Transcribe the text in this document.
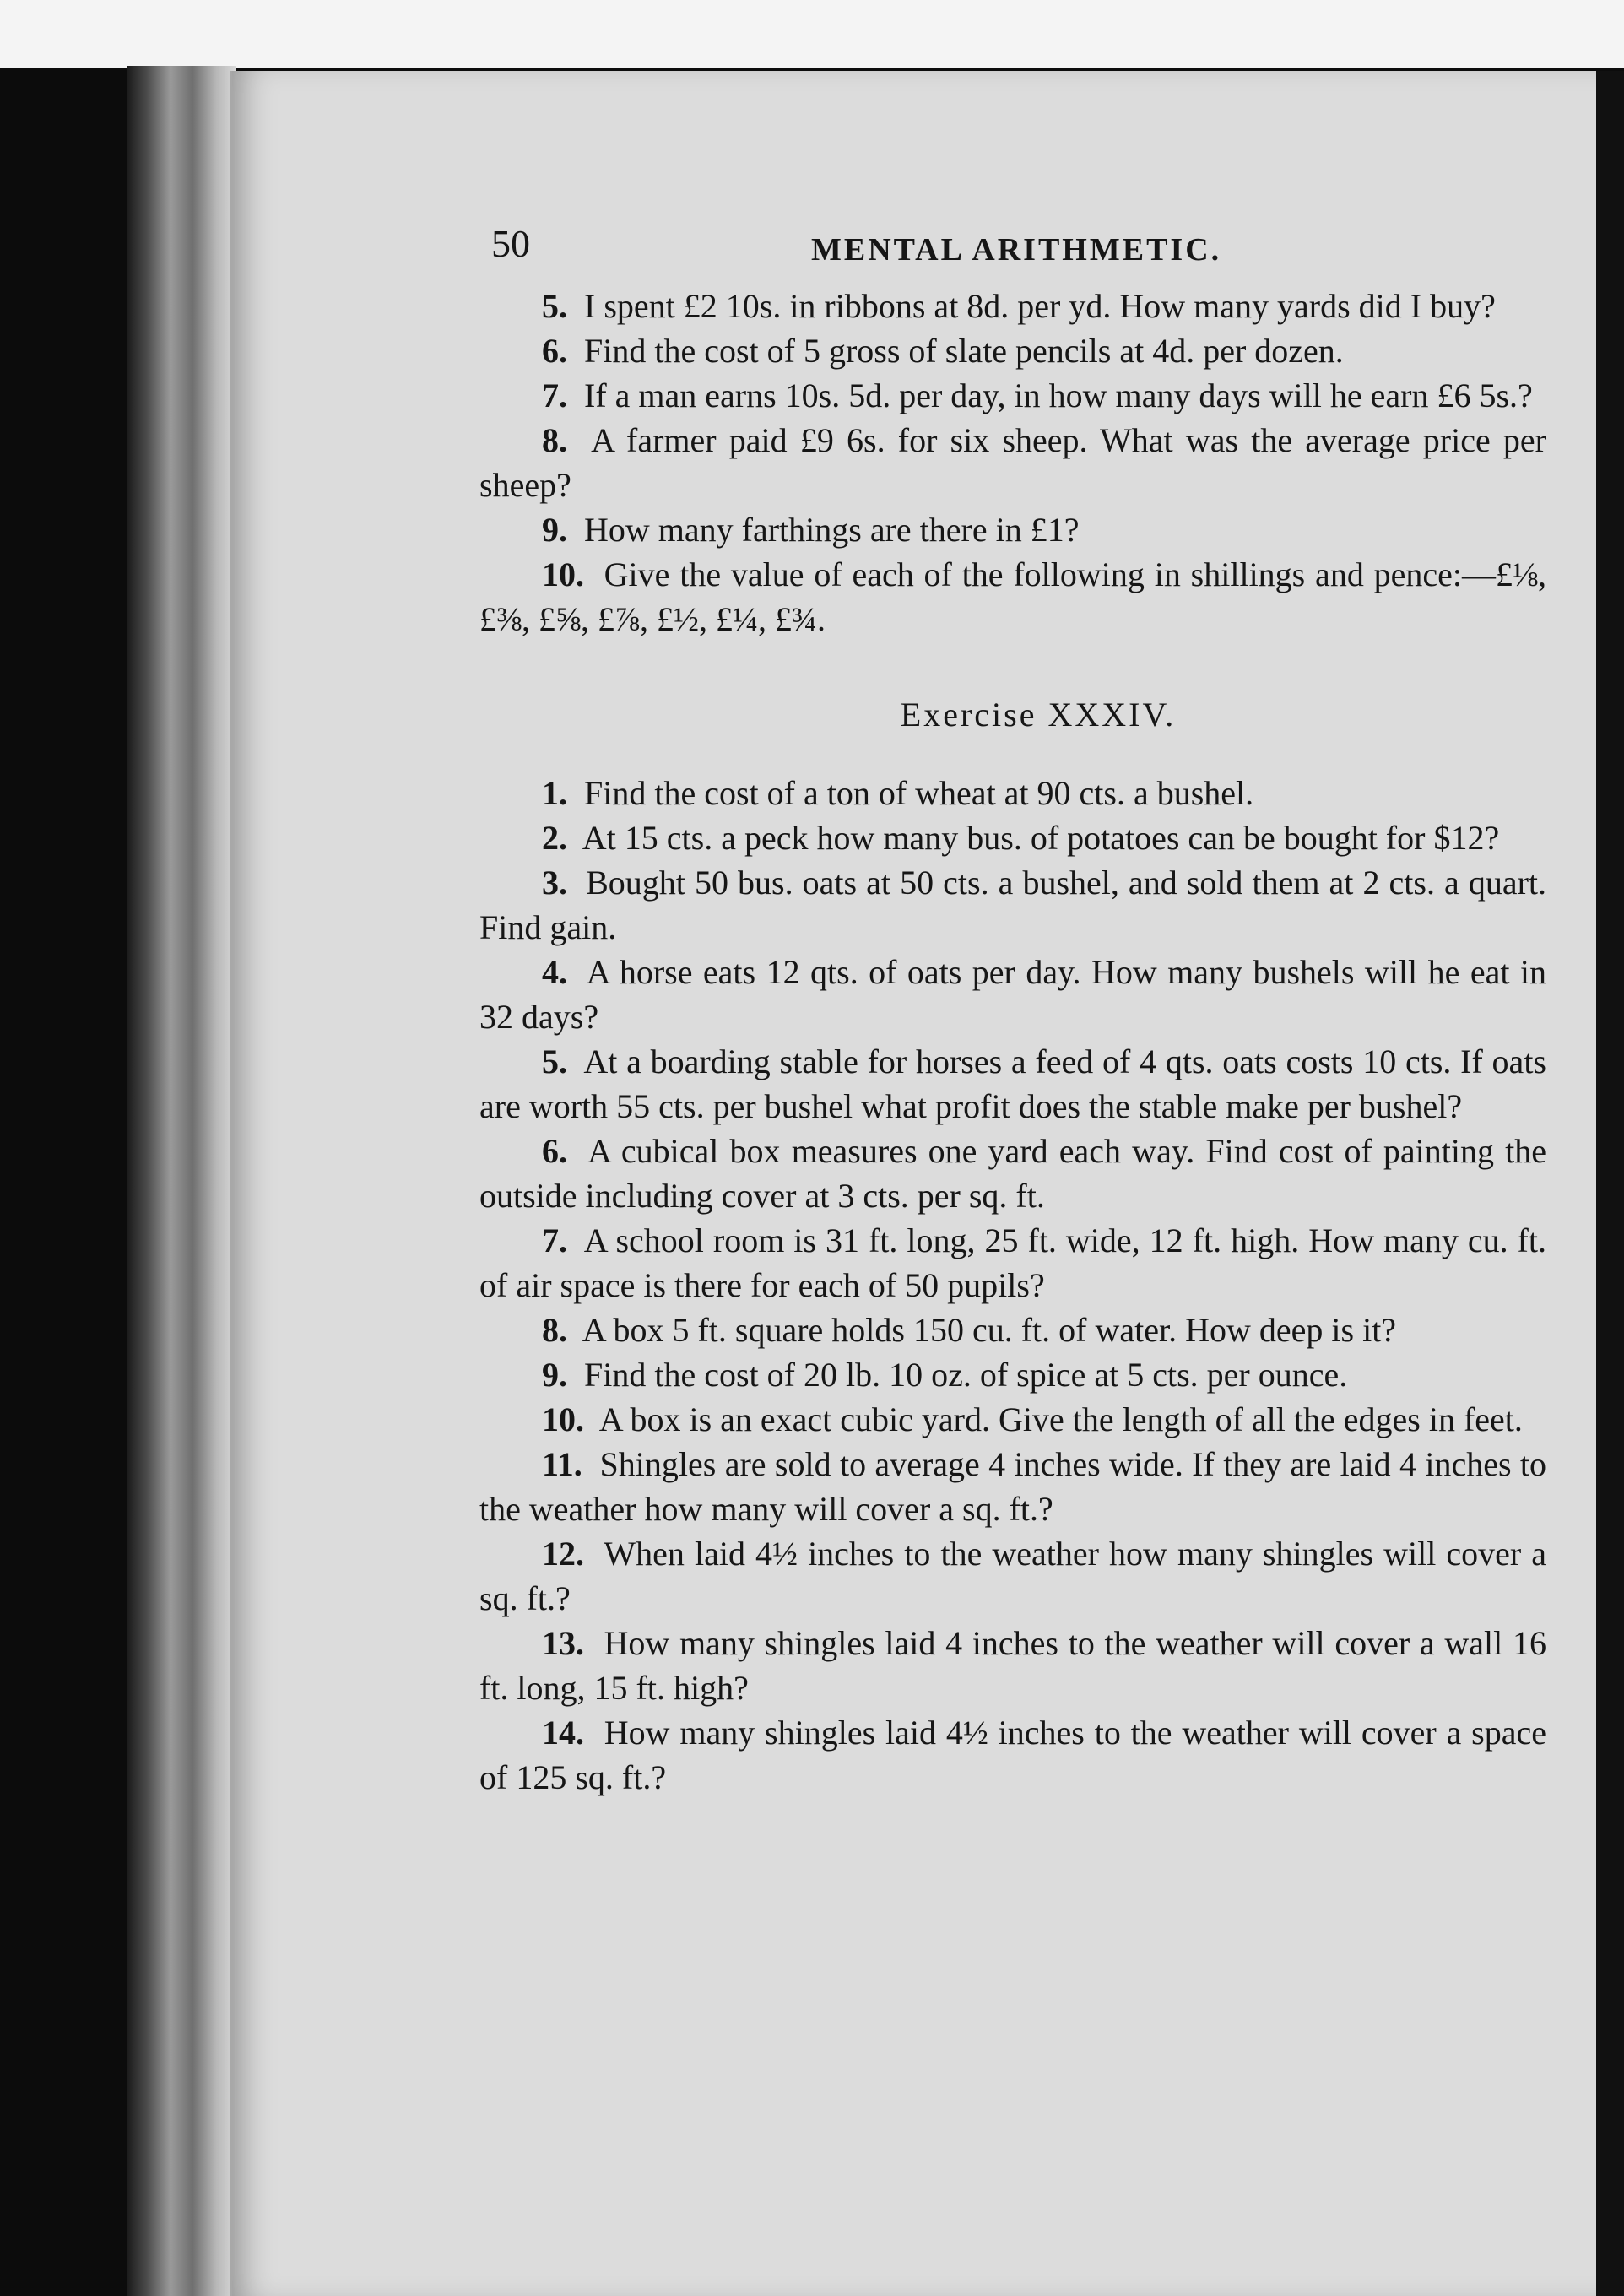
50	MENTAL ARITHMETIC.

5. I spent £2 10s. in ribbons at 8d. per yd. How many yards did I buy?

6. Find the cost of 5 gross of slate pencils at 4d. per dozen.

7. If a man earns 10s. 5d. per day, in how many days will he earn £6 5s.?

8. A farmer paid £9 6s. for six sheep. What was the average price per sheep?

9. How many farthings are there in £1?

10. Give the value of each of the following in shillings and pence:—£⅛, £⅜, £⅝, £⅞, £½, £¼, £¾.

Exercise XXXIV.

1. Find the cost of a ton of wheat at 90 cts. a bushel.

2. At 15 cts. a peck how many bus. of potatoes can be bought for $12?

3. Bought 50 bus. oats at 50 cts. a bushel, and sold them at 2 cts. a quart. Find gain.

4. A horse eats 12 qts. of oats per day. How many bushels will he eat in 32 days?

5. At a boarding stable for horses a feed of 4 qts. oats costs 10 cts. If oats are worth 55 cts. per bushel what profit does the stable make per bushel?

6. A cubical box measures one yard each way. Find cost of painting the outside including cover at 3 cts. per sq. ft.

7. A school room is 31 ft. long, 25 ft. wide, 12 ft. high. How many cu. ft. of air space is there for each of 50 pupils?

8. A box 5 ft. square holds 150 cu. ft. of water. How deep is it?

9. Find the cost of 20 lb. 10 oz. of spice at 5 cts. per ounce.

10. A box is an exact cubic yard. Give the length of all the edges in feet.

11. Shingles are sold to average 4 inches wide. If they are laid 4 inches to the weather how many will cover a sq. ft.?

12. When laid 4½ inches to the weather how many shingles will cover a sq. ft.?

13. How many shingles laid 4 inches to the weather will cover a wall 16 ft. long, 15 ft. high?

14. How many shingles laid 4½ inches to the weather will cover a space of 125 sq. ft.?
